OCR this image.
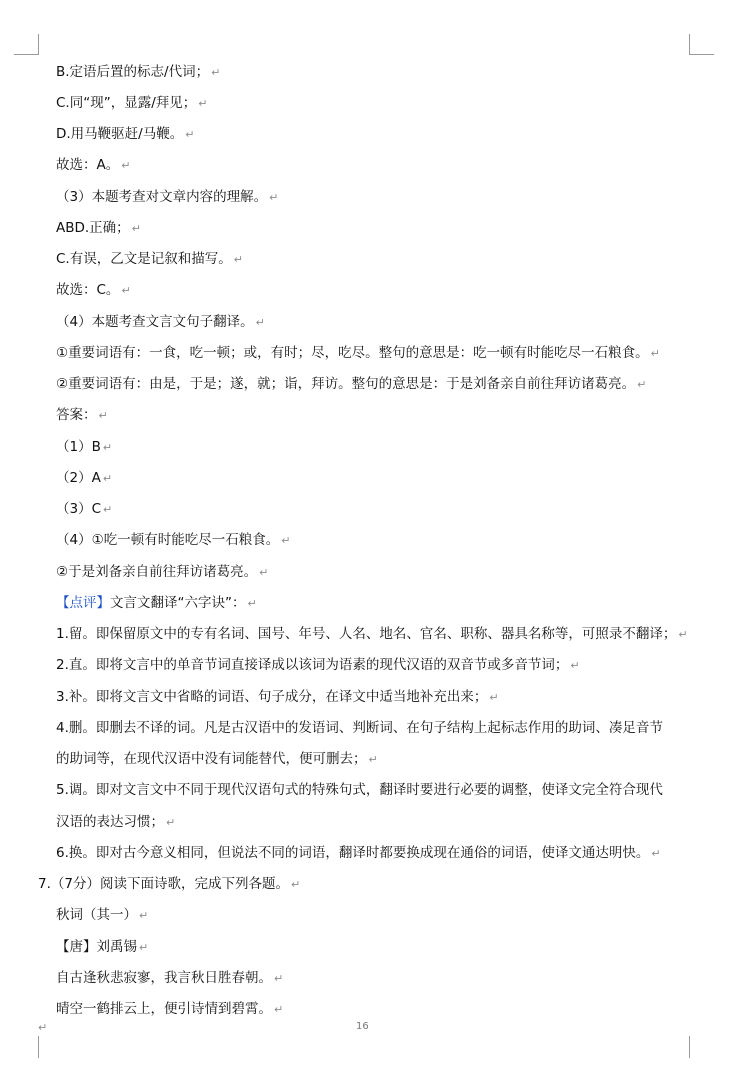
B.定语后置的标志/代词； ↵
C.同“现”，显露/拜见； ↵
D.用马鞭驱赶/马鞭。 ↵
故选：A。 ↵
（3）本题考查对文章内容的理解。 ↵
ABD.正确； ↵
C.有误，乙文是记叙和描写。 ↵
故选：C。 ↵
（4）本题考查文言文句子翻译。 ↵
①重要词语有：一食，吃一顿；或，有时；尽，吃尽。整句的意思是：吃一顿有时能吃尽一石粮食。 ↵
②重要词语有：由是，于是；遂，就；诣，拜访。整句的意思是：于是刘备亲自前往拜访诸葛亮。 ↵
答案： ↵
（1）B ↵
（2）A ↵
（3）C ↵
（4）①吃一顿有时能吃尽一石粮食。 ↵
②于是刘备亲自前往拜访诸葛亮。 ↵
【点评】文言文翻译“六字诀”： ↵
1.留。即保留原文中的专有名词、国号、年号、人名、地名、官名、职称、器具名称等，可照录不翻译； ↵
2.直。即将文言中的单音节词直接译成以该词为语素的现代汉语的双音节或多音节词； ↵
3.补。即将文言文中省略的词语、句子成分，在译文中适当地补充出来； ↵
4.删。即删去不译的词。凡是古汉语中的发语词、判断词、在句子结构上起标志作用的助词、凑足音节
的助词等，在现代汉语中没有词能替代，便可删去； ↵
5.调。即对文言文中不同于现代汉语句式的特殊句式，翻译时要进行必要的调整，使译文完全符合现代
汉语的表达习惯； ↵
6.换。即对古今意义相同，但说法不同的词语，翻译时都要换成现在通俗的词语，使译文通达明快。 ↵
7.（7分）阅读下面诗歌，完成下列各题。 ↵
秋词（其一） ↵
【唐】刘禹锡 ↵
自古逢秋悲寂寥，我言秋日胜春朝。 ↵
晴空一鹤排云上，便引诗情到碧霄。 ↵
↵	16
